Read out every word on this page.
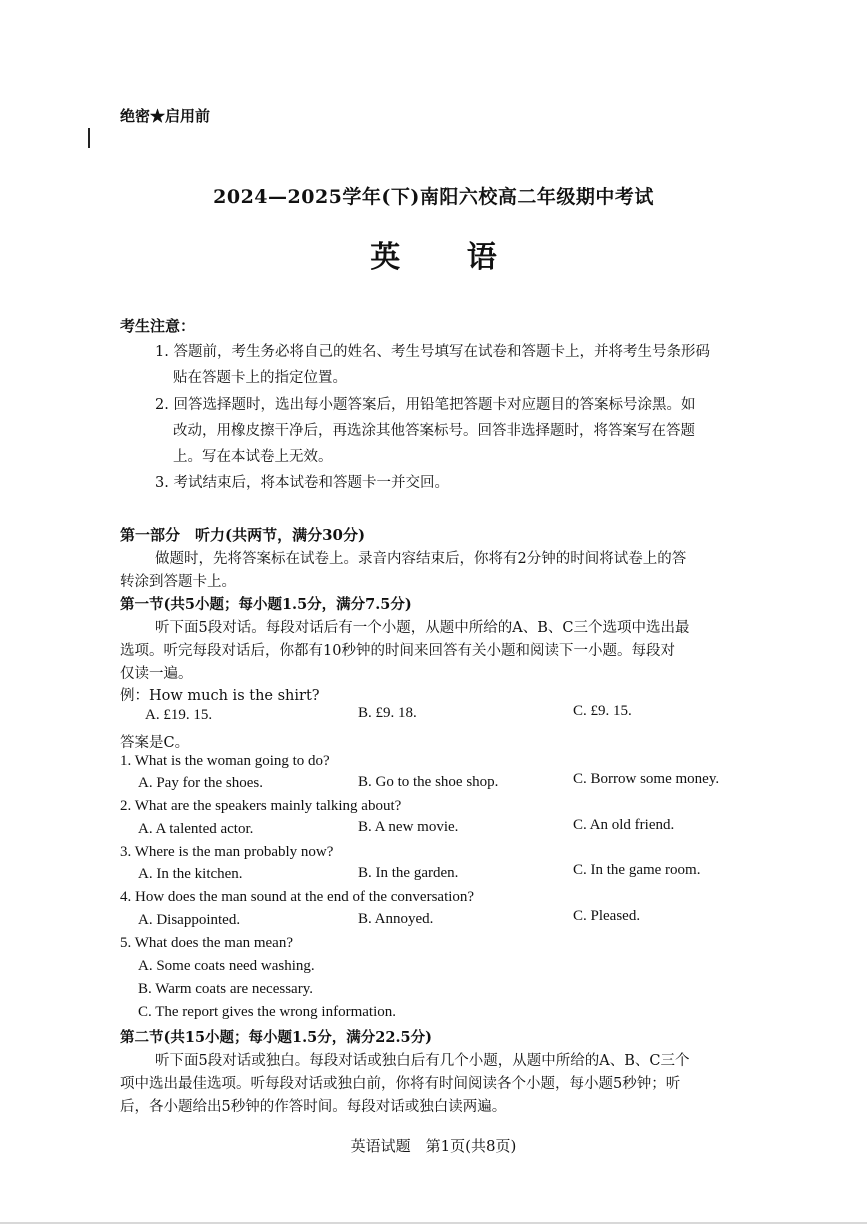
绝密★启用前
2024—2025学年(下)南阳六校高二年级期中考试
英 语
考生注意：
1. 答题前，考生务必将自己的姓名、考生号填写在试卷和答题卡上，并将考生号条形码
贴在答题卡上的指定位置。
2. 回答选择题时，选出每小题答案后，用铅笔把答题卡对应题目的答案标号涂黑。如
改动，用橡皮擦干净后，再选涂其他答案标号。回答非选择题时，将答案写在答题
上。写在本试卷上无效。
3. 考试结束后，将本试卷和答题卡一并交回。
第一部分　听力(共两节，满分30分)
做题时，先将答案标在试卷上。录音内容结束后，你将有2分钟的时间将试卷上的答
转涂到答题卡上。
第一节(共5小题；每小题1.5分，满分7.5分)
听下面5段对话。每段对话后有一个小题，从题中所给的A、B、C三个选项中选出最
选项。听完每段对话后，你都有10秒钟的时间来回答有关小题和阅读下一小题。每段对
仅读一遍。
例：How much is the shirt?
A. £19. 15.	B. £9. 18.	C. £9. 15.
答案是C。
1. What is the woman going to do?
A. Pay for the shoes.	B. Go to the shoe shop.	C. Borrow some money.
2. What are the speakers mainly talking about?
A. A talented actor.	B. A new movie.	C. An old friend.
3. Where is the man probably now?
A. In the kitchen.	B. In the garden.	C. In the game room.
4. How does the man sound at the end of the conversation?
A. Disappointed.	B. Annoyed.	C. Pleased.
5. What does the man mean?
A. Some coats need washing.
B. Warm coats are necessary.
C. The report gives the wrong information.
第二节(共15小题；每小题1.5分，满分22.5分)
听下面5段对话或独白。每段对话或独白后有几个小题，从题中所给的A、B、C三个
项中选出最佳选项。听每段对话或独白前，你将有时间阅读各个小题，每小题5秒钟；听
后，各小题给出5秒钟的作答时间。每段对话或独白读两遍。
英语试题　第1页(共8页)
